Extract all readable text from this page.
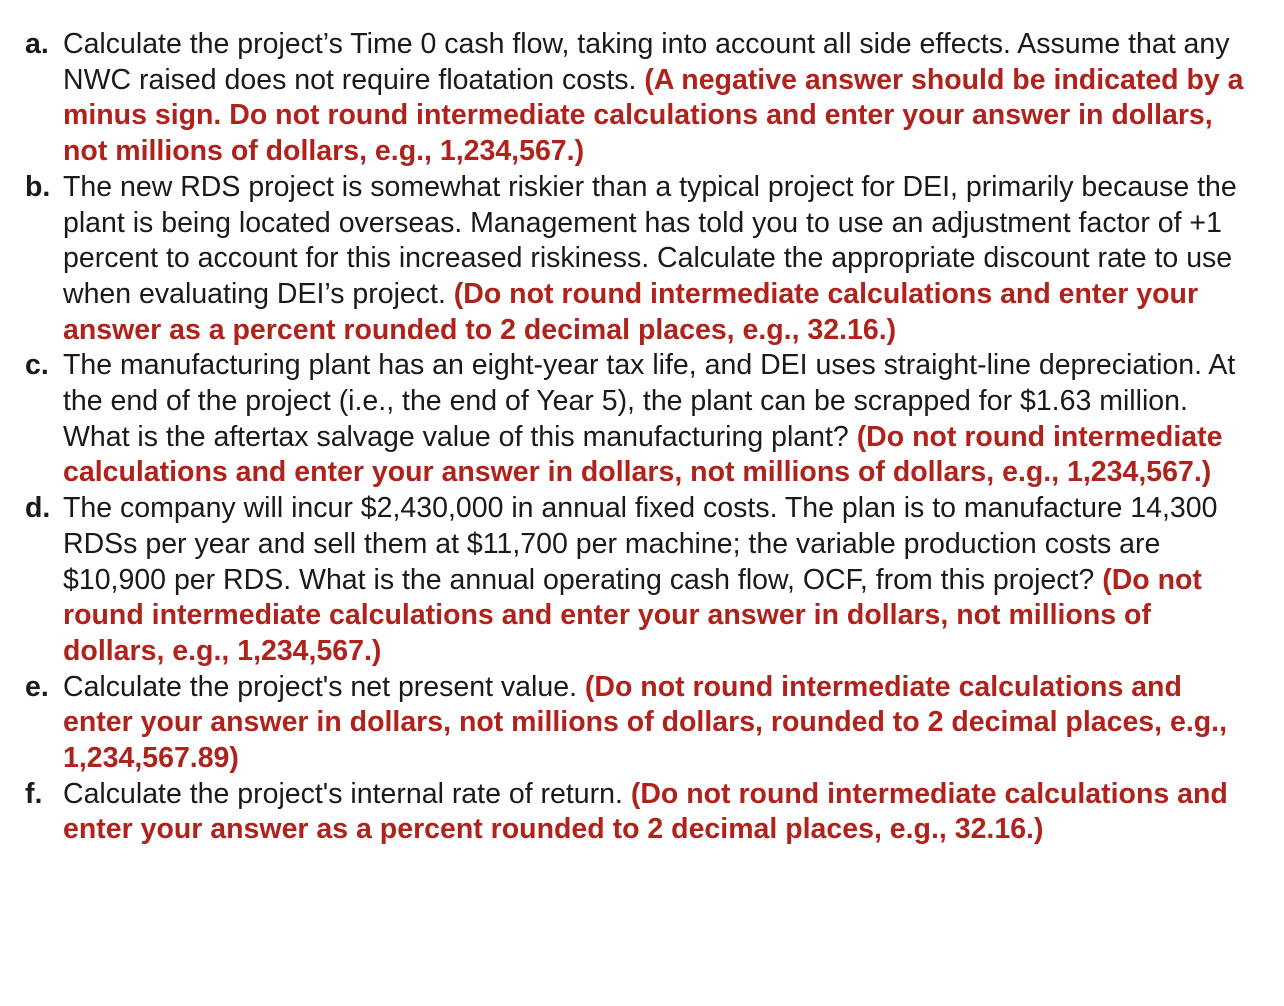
a. Calculate the project’s Time 0 cash flow, taking into account all side effects. Assume that any NWC raised does not require floatation costs. (A negative answer should be indicated by a minus sign. Do not round intermediate calculations and enter your answer in dollars, not millions of dollars, e.g., 1,234,567.)
b. The new RDS project is somewhat riskier than a typical project for DEI, primarily because the plant is being located overseas. Management has told you to use an adjustment factor of +1 percent to account for this increased riskiness. Calculate the appropriate discount rate to use when evaluating DEI’s project. (Do not round intermediate calculations and enter your answer as a percent rounded to 2 decimal places, e.g., 32.16.)
c. The manufacturing plant has an eight-year tax life, and DEI uses straight-line depreciation. At the end of the project (i.e., the end of Year 5), the plant can be scrapped for $1.63 million. What is the aftertax salvage value of this manufacturing plant? (Do not round intermediate calculations and enter your answer in dollars, not millions of dollars, e.g., 1,234,567.)
d. The company will incur $2,430,000 in annual fixed costs. The plan is to manufacture 14,300 RDSs per year and sell them at $11,700 per machine; the variable production costs are $10,900 per RDS. What is the annual operating cash flow, OCF, from this project? (Do not round intermediate calculations and enter your answer in dollars, not millions of dollars, e.g., 1,234,567.)
e. Calculate the project's net present value. (Do not round intermediate calculations and enter your answer in dollars, not millions of dollars, rounded to 2 decimal places, e.g., 1,234,567.89)
f. Calculate the project's internal rate of return. (Do not round intermediate calculations and enter your answer as a percent rounded to 2 decimal places, e.g., 32.16.)
